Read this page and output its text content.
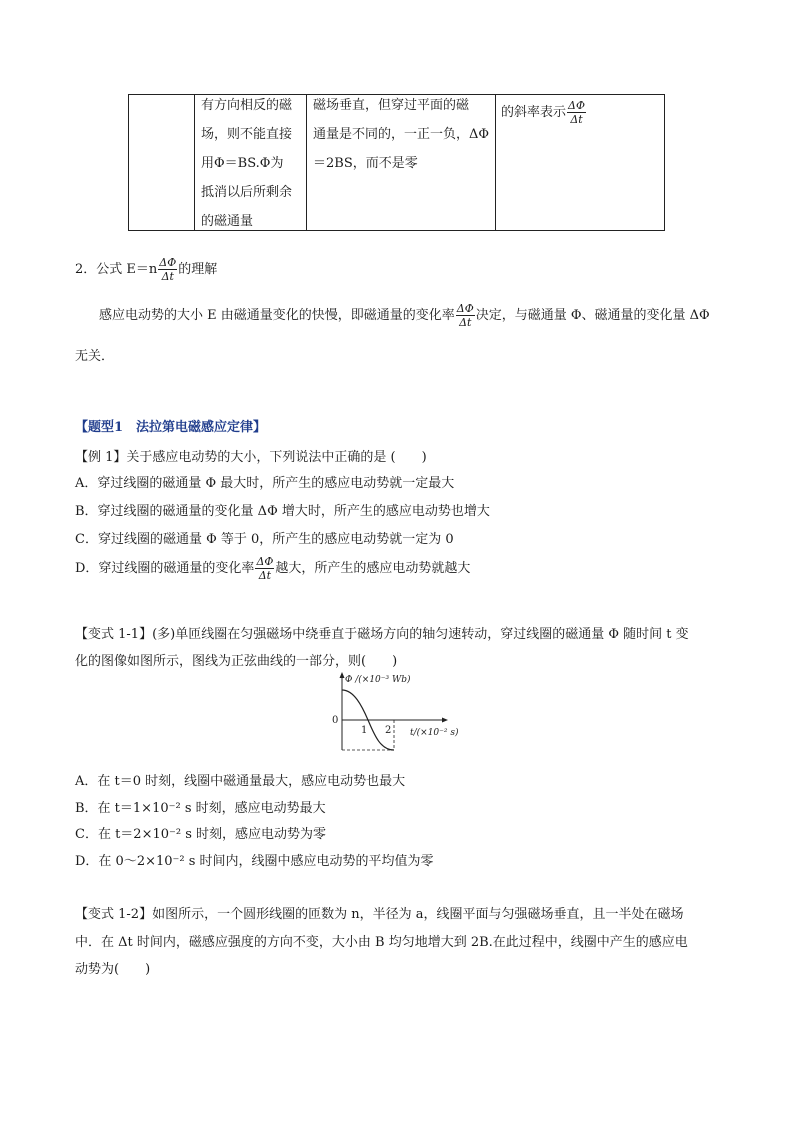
有方向相反的磁
场，则不能直接
用Φ＝BS.Φ为
抵消以后所剩余
的磁通量
磁场垂直，但穿过平面的磁
通量是不同的，一正一负，ΔΦ
＝2BS，而不是零
的斜率表示 $\frac{\Delta\Phi}{\Delta t}$
2．公式 $E=n \frac{\Delta\Phi}{\Delta t}$ 的理解
感应电动势的大小 E 由磁通量变化的快慢，即磁通量的变化率 $\frac{\Delta\Phi}{\Delta t}$ 决定，与磁通量 Φ、磁通量的变化量 ΔΦ
无关．
【题型1　法拉第电磁感应定律】
【例 1】关于感应电动势的大小，下列说法中正确的是 (　　)
A．穿过线圈的磁通量 Φ 最大时，所产生的感应电动势就一定最大
B．穿过线圈的磁通量的变化量 ΔΦ 增大时，所产生的感应电动势也增大
C．穿过线圈的磁通量 Φ 等于 0，所产生的感应电动势就一定为 0
D．穿过线圈的磁通量的变化率 $\frac{\Delta\Phi}{\Delta t}$ 越大，所产生的感应电动势就越大
【变式 1-1】(多)单匝线圈在匀强磁场中绕垂直于磁场方向的轴匀速转动，穿过线圈的磁通量 Φ 随时间 t 变
化的图像如图所示，图线为正弦曲线的一部分，则(　　)
Φ /(×10⁻³ Wb)
0
1 2 t/(×10⁻² s)
A．在 t＝0 时刻，线圈中磁通量最大，感应电动势也最大
B．在 t＝1×10⁻² s 时刻，感应电动势最大
C．在 t＝2×10⁻² s 时刻，感应电动势为零
D．在 0～2×10⁻² s 时间内，线圈中感应电动势的平均值为零
【变式 1-2】如图所示，一个圆形线圈的匝数为 n，半径为 a，线圈平面与匀强磁场垂直，且一半处在磁场
中．在 Δt 时间内，磁感应强度的方向不变，大小由 B 均匀地增大到 2B.在此过程中，线圈中产生的感应电
动势为(　　)
